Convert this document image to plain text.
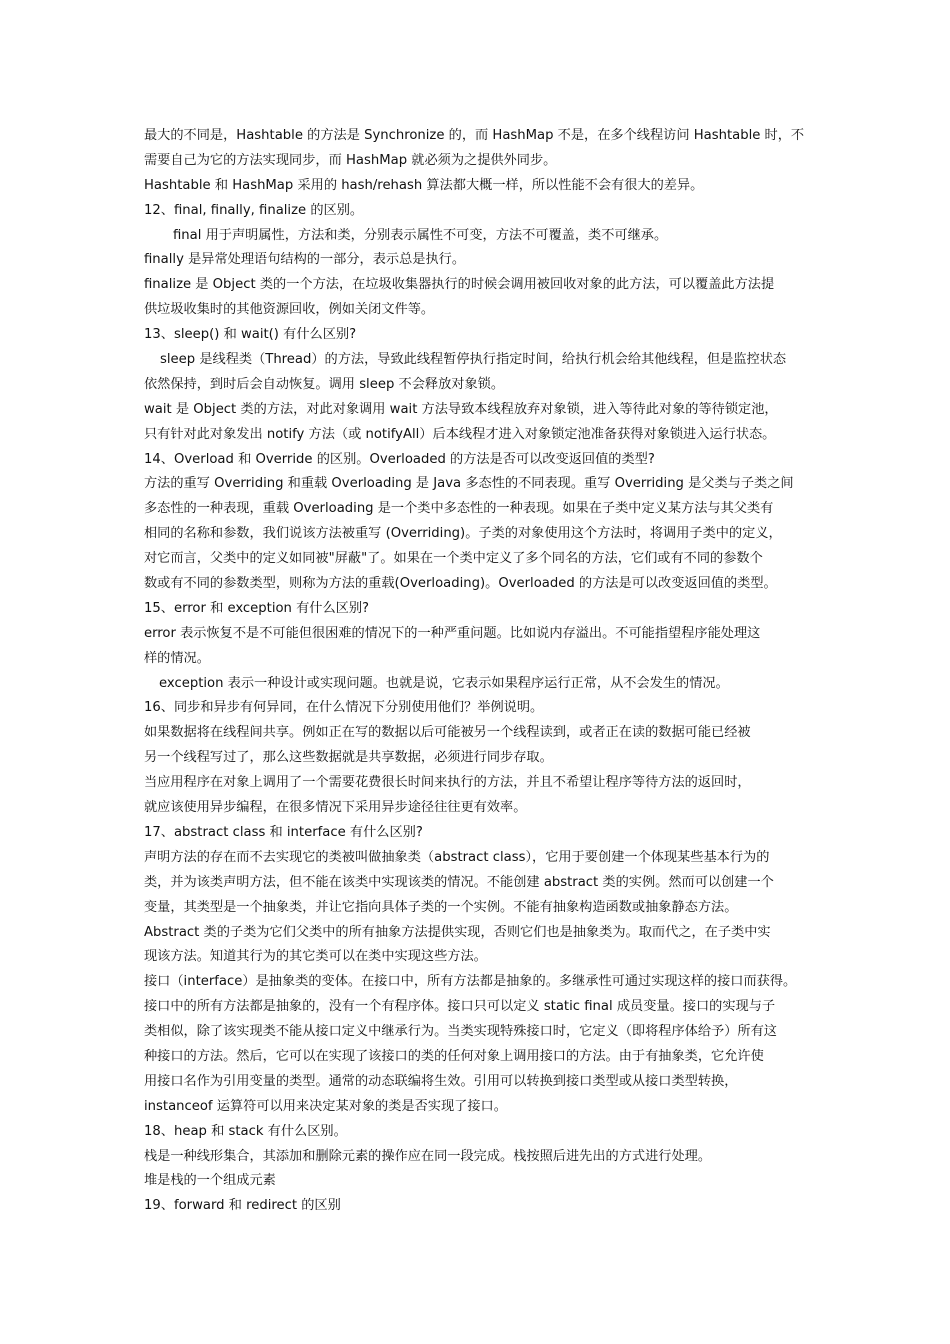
最大的不同是，Hashtable 的方法是 Synchronize 的，而 HashMap 不是，在多个线程访问 Hashtable 时，不
需要自己为它的方法实现同步，而 HashMap 就必须为之提供外同步。
Hashtable 和 HashMap 采用的 hash/rehash 算法都大概一样，所以性能不会有很大的差异。
12、final, finally, finalize 的区别。
final 用于声明属性，方法和类，分别表示属性不可变，方法不可覆盖，类不可继承。
finally 是异常处理语句结构的一部分，表示总是执行。
finalize 是 Object 类的一个方法，在垃圾收集器执行的时候会调用被回收对象的此方法，可以覆盖此方法提
供垃圾收集时的其他资源回收，例如关闭文件等。
13、sleep() 和 wait() 有什么区别?
sleep 是线程类（Thread）的方法，导致此线程暂停执行指定时间，给执行机会给其他线程，但是监控状态
依然保持，到时后会自动恢复。调用 sleep 不会释放对象锁。
wait 是 Object 类的方法，对此对象调用 wait 方法导致本线程放弃对象锁，进入等待此对象的等待锁定池，
只有针对此对象发出 notify 方法（或 notifyAll）后本线程才进入对象锁定池准备获得对象锁进入运行状态。
14、Overload 和 Override 的区别。Overloaded 的方法是否可以改变返回值的类型?
方法的重写 Overriding 和重载 Overloading 是 Java 多态性的不同表现。重写 Overriding 是父类与子类之间
多态性的一种表现，重载 Overloading 是一个类中多态性的一种表现。如果在子类中定义某方法与其父类有
相同的名称和参数，我们说该方法被重写 (Overriding)。子类的对象使用这个方法时，将调用子类中的定义，
对它而言，父类中的定义如同被"屏蔽"了。如果在一个类中定义了多个同名的方法，它们或有不同的参数个
数或有不同的参数类型，则称为方法的重载(Overloading)。Overloaded 的方法是可以改变返回值的类型。
15、error 和 exception 有什么区别?
error 表示恢复不是不可能但很困难的情况下的一种严重问题。比如说内存溢出。不可能指望程序能处理这
样的情况。
exception 表示一种设计或实现问题。也就是说，它表示如果程序运行正常，从不会发生的情况。
16、同步和异步有何异同，在什么情况下分别使用他们？举例说明。
如果数据将在线程间共享。例如正在写的数据以后可能被另一个线程读到，或者正在读的数据可能已经被
另一个线程写过了，那么这些数据就是共享数据，必须进行同步存取。
当应用程序在对象上调用了一个需要花费很长时间来执行的方法，并且不希望让程序等待方法的返回时，
就应该使用异步编程，在很多情况下采用异步途径往往更有效率。
17、abstract class 和 interface 有什么区别?
声明方法的存在而不去实现它的类被叫做抽象类（abstract class），它用于要创建一个体现某些基本行为的
类，并为该类声明方法，但不能在该类中实现该类的情况。不能创建 abstract 类的实例。然而可以创建一个
变量，其类型是一个抽象类，并让它指向具体子类的一个实例。不能有抽象构造函数或抽象静态方法。
Abstract 类的子类为它们父类中的所有抽象方法提供实现，否则它们也是抽象类为。取而代之，在子类中实
现该方法。知道其行为的其它类可以在类中实现这些方法。
接口（interface）是抽象类的变体。在接口中，所有方法都是抽象的。多继承性可通过实现这样的接口而获得。
接口中的所有方法都是抽象的，没有一个有程序体。接口只可以定义 static final 成员变量。接口的实现与子
类相似，除了该实现类不能从接口定义中继承行为。当类实现特殊接口时，它定义（即将程序体给予）所有这
种接口的方法。然后，它可以在实现了该接口的类的任何对象上调用接口的方法。由于有抽象类，它允许使
用接口名作为引用变量的类型。通常的动态联编将生效。引用可以转换到接口类型或从接口类型转换，
instanceof 运算符可以用来决定某对象的类是否实现了接口。
18、heap 和 stack 有什么区别。
栈是一种线形集合，其添加和删除元素的操作应在同一段完成。栈按照后进先出的方式进行处理。
堆是栈的一个组成元素
19、forward 和 redirect 的区别
